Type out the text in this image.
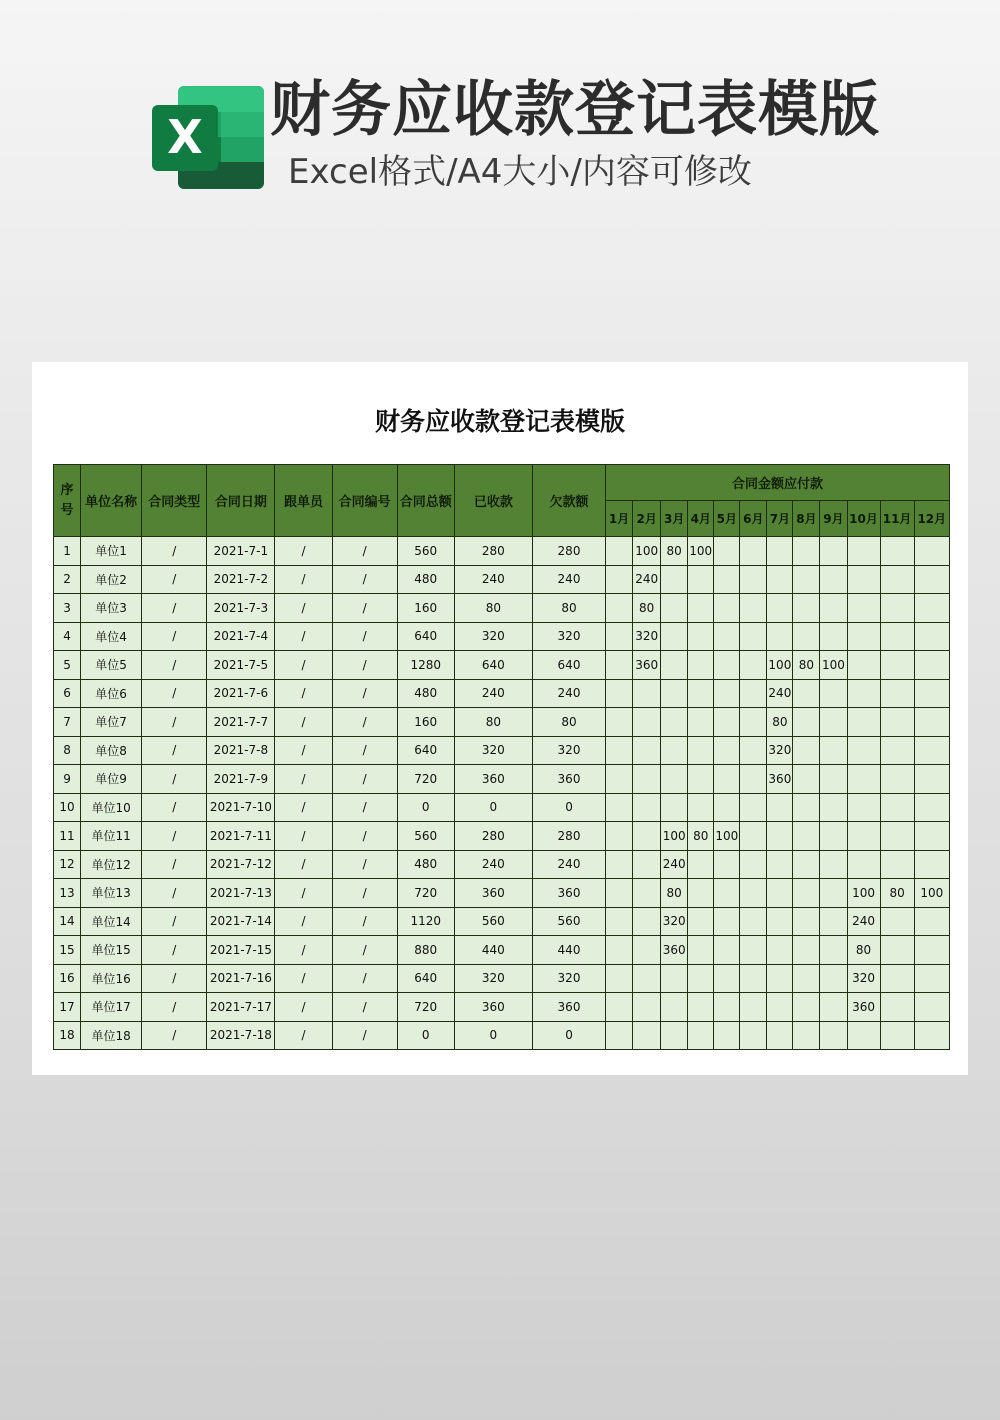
X 财务应收款登记表模版
Excel格式/A4大小/内容可修改
财务应收款登记表模版
序号	单位名称	合同类型	合同日期	跟单员	合同编号	合同总额	已收款	欠款额	合同金额应付款											
									1月	2月	3月	4月	5月	6月	7月	8月	9月	10月	11月	12月
1	单位1	/	2021-7-1	/	/	560	280	280		100	80	100								
2	单位2	/	2021-7-2	/	/	480	240	240		240										
3	单位3	/	2021-7-3	/	/	160	80	80		80										
4	单位4	/	2021-7-4	/	/	640	320	320		320										
5	单位5	/	2021-7-5	/	/	1280	640	640		360					100	80	100			
6	单位6	/	2021-7-6	/	/	480	240	240							240					
7	单位7	/	2021-7-7	/	/	160	80	80							80					
8	单位8	/	2021-7-8	/	/	640	320	320							320					
9	单位9	/	2021-7-9	/	/	720	360	360							360					
10	单位10	/	2021-7-10	/	/	0	0	0												
11	单位11	/	2021-7-11	/	/	560	280	280			100	80	100							
12	单位12	/	2021-7-12	/	/	480	240	240			240									
13	单位13	/	2021-7-13	/	/	720	360	360			80							100	80	100
14	单位14	/	2021-7-14	/	/	1120	560	560			320							240		
15	单位15	/	2021-7-15	/	/	880	440	440			360							80		
16	单位16	/	2021-7-16	/	/	640	320	320										320		
17	单位17	/	2021-7-17	/	/	720	360	360										360		
18	单位18	/	2021-7-18	/	/	0	0	0												
